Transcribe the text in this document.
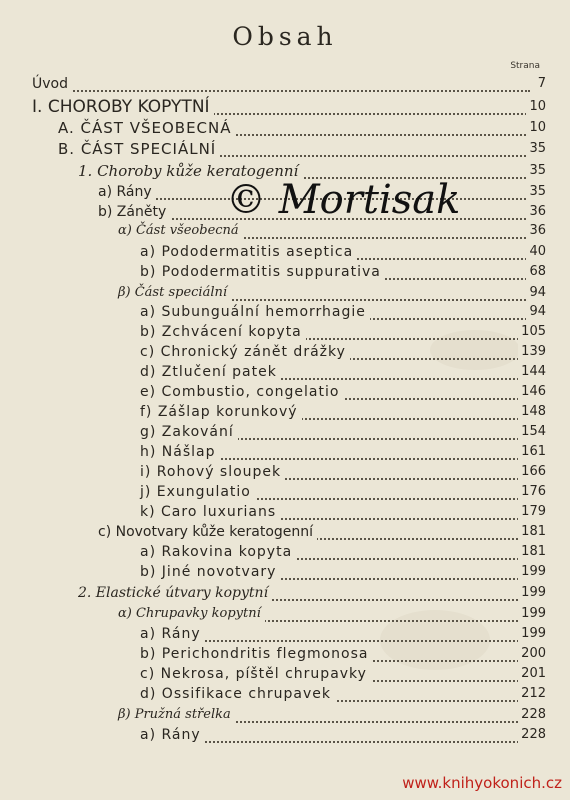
Obsah
Strana
Úvod	7
I. CHOROBY KOPYTNÍ	10
A. ČÁST VŠEOBECNÁ	10
B. ČÁST SPECIÁLNÍ	35
1. Choroby kůže keratogenní	35
a) Rány	35
b) Záněty	36
α) Část všeobecná	36
a) Pododermatitis aseptica	40
b) Pododermatitis suppurativa	68
β) Část speciální	94
a) Subunguální hemorrhagie	94
b) Zchvácení kopyta	105
c) Chronický zánět drážky	139
d) Ztlučení patek	144
e) Combustio, congelatio	146
f) Zášlap korunkový	148
g) Zakování	154
h) Nášlap	161
i) Rohový sloupek	166
j) Exungulatio	176
k) Caro luxurians	179
c) Novotvary kůže keratogenní	181
a) Rakovina kopyta	181
b) Jiné novotvary	199
2. Elastické útvary kopytní	199
α) Chrupavky kopytní	199
a) Rány	199
b) Perichondritis flegmonosa	200
c) Nekrosa, píštěl chrupavky	201
d) Ossifikace chrupavek	212
β) Pružná střelka	228
a) Rány	228
© Mortisak
www.knihyokonich.cz
